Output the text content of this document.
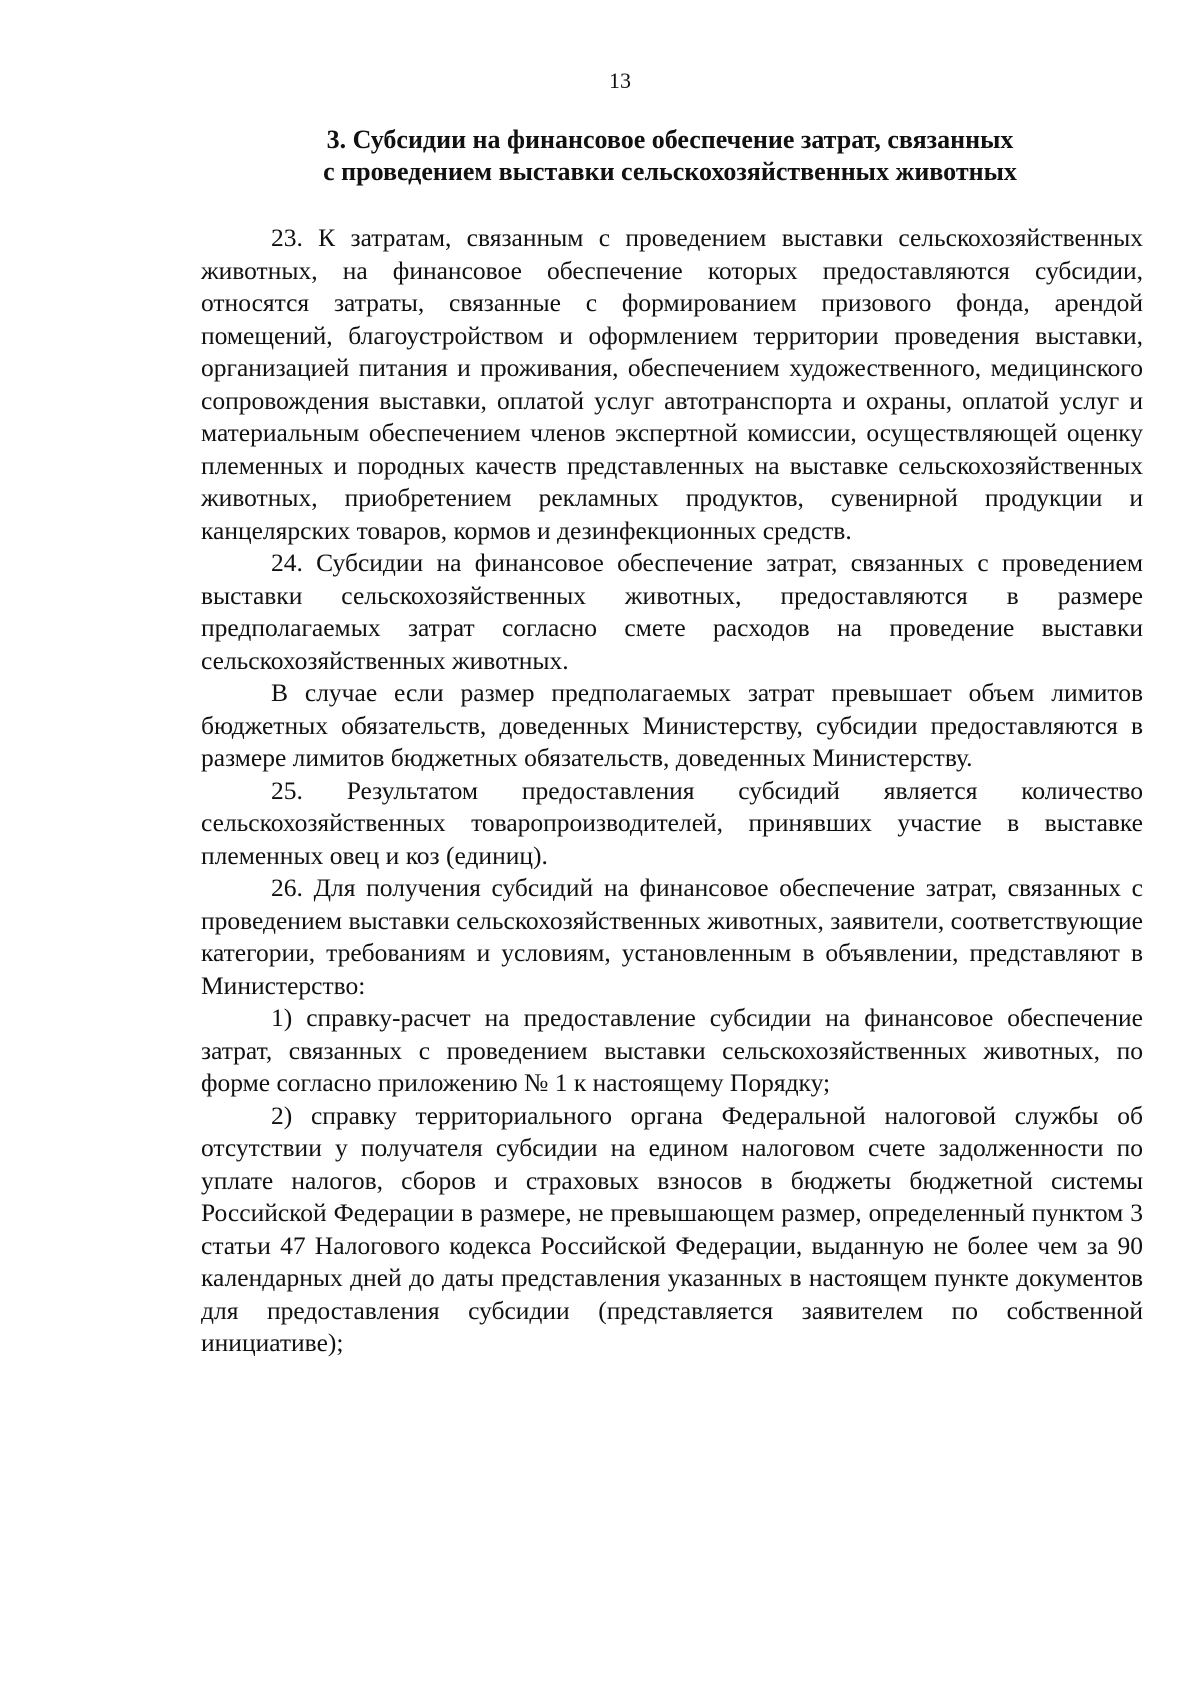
13
3. Субсидии на финансовое обеспечение затрат, связанных
с проведением выставки сельскохозяйственных животных

23. К затратам, связанным с проведением выставки сельскохозяйственных животных, на финансовое обеспечение которых предоставляются субсидии, относятся затраты, связанные с формированием призового фонда, арендой помещений, благоустройством и оформлением территории проведения выставки, организацией питания и проживания, обеспечением художественного, медицинского сопровождения выставки, оплатой услуг автотранспорта и охраны, оплатой услуг и материальным обеспечением членов экспертной комиссии, осуществляющей оценку племенных и породных качеств представленных на выставке сельскохозяйственных животных, приобретением рекламных продуктов, сувенирной продукции и канцелярских товаров, кормов и дезинфекционных средств.

24. Субсидии на финансовое обеспечение затрат, связанных с проведением выставки сельскохозяйственных животных, предоставляются в размере предполагаемых затрат согласно смете расходов на проведение выставки сельскохозяйственных животных.

В случае если размер предполагаемых затрат превышает объем лимитов бюджетных обязательств, доведенных Министерству, субсидии предоставляются в размере лимитов бюджетных обязательств, доведенных Министерству.

25. Результатом предоставления субсидий является количество сельскохозяйственных товаропроизводителей, принявших участие в выставке племенных овец и коз (единиц).

26. Для получения субсидий на финансовое обеспечение затрат, связанных с проведением выставки сельскохозяйственных животных, заявители, соответствующие категории, требованиям и условиям, установленным в объявлении, представляют в Министерство:

1) справку-расчет на предоставление субсидии на финансовое обеспечение затрат, связанных с проведением выставки сельскохозяйственных животных, по форме согласно приложению № 1 к настоящему Порядку;

2) справку территориального органа Федеральной налоговой службы об отсутствии у получателя субсидии на едином налоговом счете задолженности по уплате налогов, сборов и страховых взносов в бюджеты бюджетной системы Российской Федерации в размере, не превышающем размер, определенный пунктом 3 статьи 47 Налогового кодекса Российской Федерации, выданную не более чем за 90 календарных дней до даты представления указанных в настоящем пункте документов для предоставления субсидии (представляется заявителем по собственной инициативе);
